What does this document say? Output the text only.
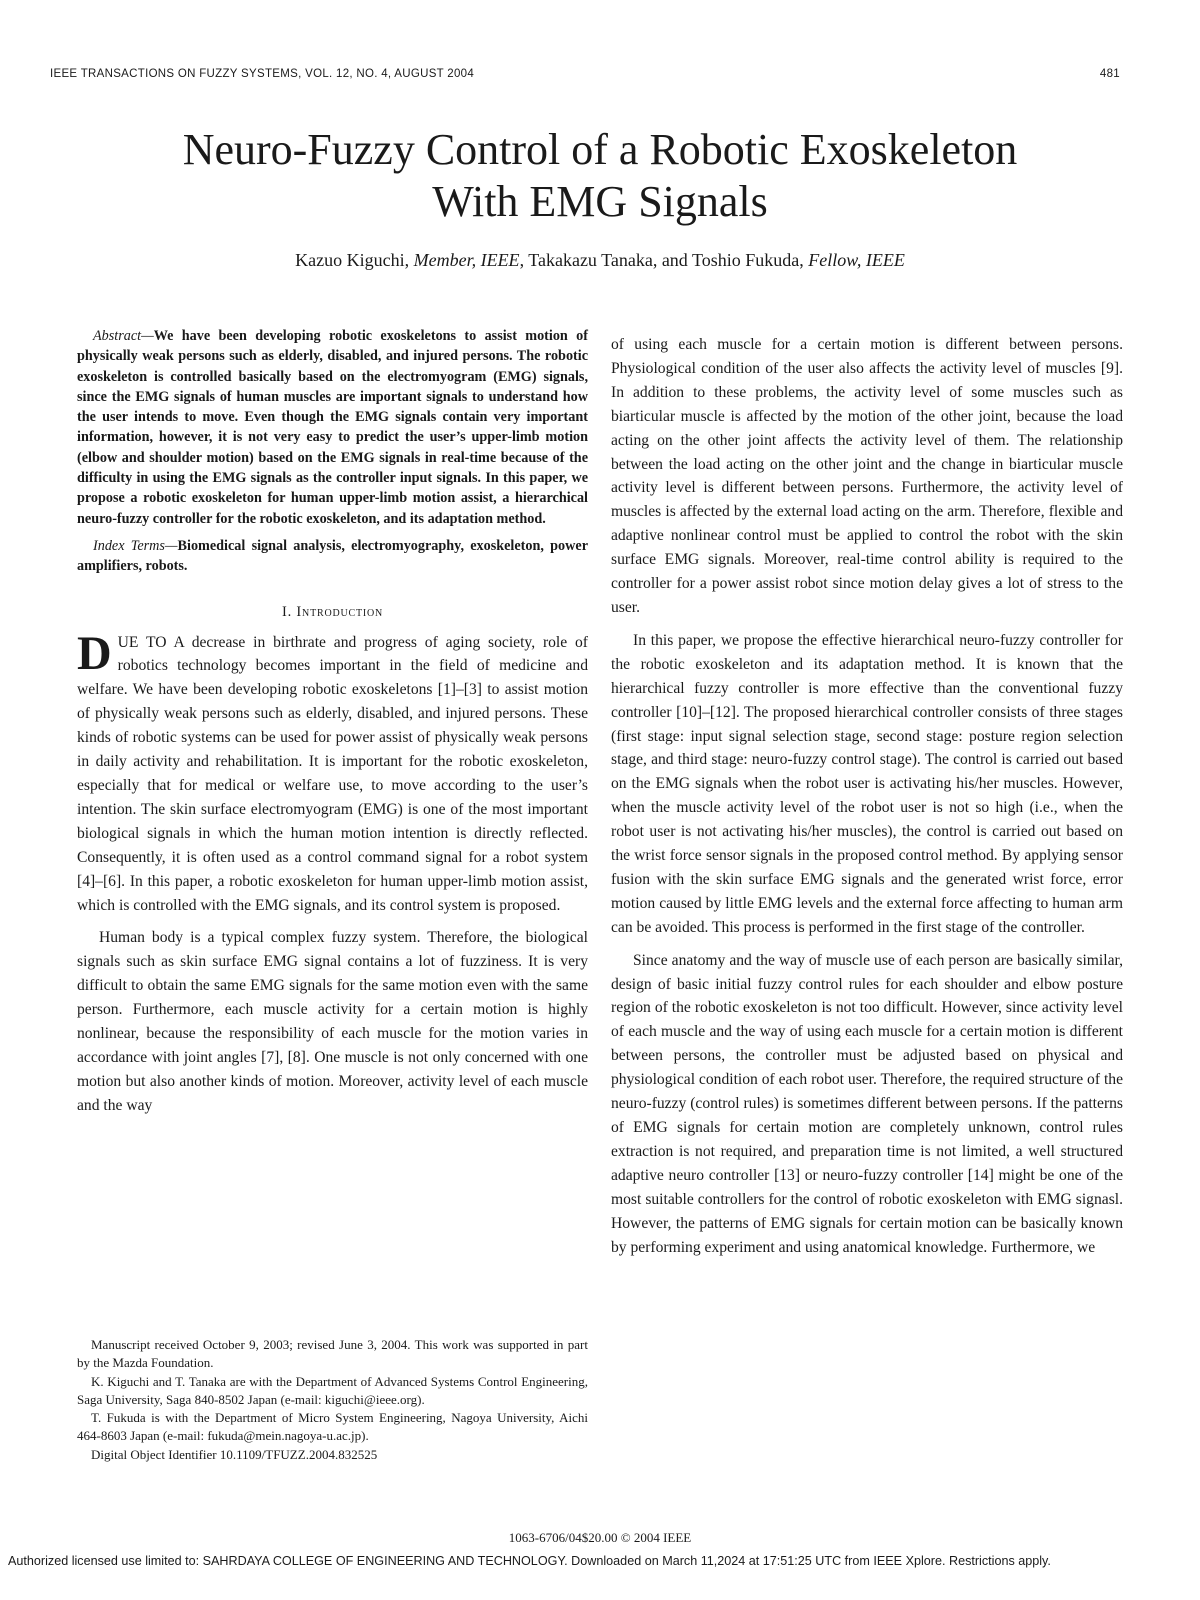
IEEE TRANSACTIONS ON FUZZY SYSTEMS, VOL. 12, NO. 4, AUGUST 2004	481
Neuro-Fuzzy Control of a Robotic Exoskeleton
With EMG Signals
Kazuo Kiguchi, Member, IEEE, Takakazu Tanaka, and Toshio Fukuda, Fellow, IEEE

Abstract—We have been developing robotic exoskeletons to assist motion of physically weak persons such as elderly, disabled, and injured persons. The robotic exoskeleton is controlled basically based on the electromyogram (EMG) signals, since the EMG signals of human muscles are important signals to understand how the user intends to move. Even though the EMG signals contain very important information, however, it is not very easy to predict the user’s upper-limb motion (elbow and shoulder motion) based on the EMG signals in real-time because of the difficulty in using the EMG signals as the controller input signals. In this paper, we propose a robotic exoskeleton for human upper-limb motion assist, a hierarchical neuro-fuzzy controller for the robotic exoskeleton, and its adaptation method.

Index Terms—Biomedical signal analysis, electromyography, exoskeleton, power amplifiers, robots.

I. Introduction

DUE TO A decrease in birthrate and progress of aging society, role of robotics technology becomes important in the field of medicine and welfare. We have been developing robotic exoskeletons [1]–[3] to assist motion of physically weak persons such as elderly, disabled, and injured persons. These kinds of robotic systems can be used for power assist of physically weak persons in daily activity and rehabilitation. It is important for the robotic exoskeleton, especially that for medical or welfare use, to move according to the user’s intention. The skin surface electromyogram (EMG) is one of the most important biological signals in which the human motion intention is directly reflected. Consequently, it is often used as a control command signal for a robot system [4]–[6]. In this paper, a robotic exoskeleton for human upper-limb motion assist, which is controlled with the EMG signals, and its control system is proposed.

Human body is a typical complex fuzzy system. Therefore, the biological signals such as skin surface EMG signal contains a lot of fuzziness. It is very difficult to obtain the same EMG signals for the same motion even with the same person. Furthermore, each muscle activity for a certain motion is highly nonlinear, because the responsibility of each muscle for the motion varies in accordance with joint angles [7], [8]. One muscle is not only concerned with one motion but also another kinds of motion. Moreover, activity level of each muscle and the way

Manuscript received October 9, 2003; revised June 3, 2004. This work was supported in part by the Mazda Foundation.

K. Kiguchi and T. Tanaka are with the Department of Advanced Systems Control Engineering, Saga University, Saga 840-8502 Japan (e-mail: kiguchi@ieee.org).

T. Fukuda is with the Department of Micro System Engineering, Nagoya University, Aichi 464-8603 Japan (e-mail: fukuda@mein.nagoya-u.ac.jp).

Digital Object Identifier 10.1109/TFUZZ.2004.832525

of using each muscle for a certain motion is different between persons. Physiological condition of the user also affects the activity level of muscles [9]. In addition to these problems, the activity level of some muscles such as biarticular muscle is affected by the motion of the other joint, because the load acting on the other joint affects the activity level of them. The relationship between the load acting on the other joint and the change in biarticular muscle activity level is different between persons. Furthermore, the activity level of muscles is affected by the external load acting on the arm. Therefore, flexible and adaptive nonlinear control must be applied to control the robot with the skin surface EMG signals. Moreover, real-time control ability is required to the controller for a power assist robot since motion delay gives a lot of stress to the user.

In this paper, we propose the effective hierarchical neuro-fuzzy controller for the robotic exoskeleton and its adaptation method. It is known that the hierarchical fuzzy controller is more effective than the conventional fuzzy controller [10]–[12]. The proposed hierarchical controller consists of three stages (first stage: input signal selection stage, second stage: posture region selection stage, and third stage: neuro-fuzzy control stage). The control is carried out based on the EMG signals when the robot user is activating his/her muscles. However, when the muscle activity level of the robot user is not so high (i.e., when the robot user is not activating his/her muscles), the control is carried out based on the wrist force sensor signals in the proposed control method. By applying sensor fusion with the skin surface EMG signals and the generated wrist force, error motion caused by little EMG levels and the external force affecting to human arm can be avoided. This process is performed in the first stage of the controller.

Since anatomy and the way of muscle use of each person are basically similar, design of basic initial fuzzy control rules for each shoulder and elbow posture region of the robotic exoskeleton is not too difficult. However, since activity level of each muscle and the way of using each muscle for a certain motion is different between persons, the controller must be adjusted based on physical and physiological condition of each robot user. Therefore, the required structure of the neuro-fuzzy (control rules) is sometimes different between persons. If the patterns of EMG signals for certain motion are completely unknown, control rules extraction is not required, and preparation time is not limited, a well structured adaptive neuro controller [13] or neuro-fuzzy controller [14] might be one of the most suitable controllers for the control of robotic exoskeleton with EMG signasl. However, the patterns of EMG signals for certain motion can be basically known by performing experiment and using anatomical knowledge. Furthermore, we

1063-6706/04$20.00 © 2004 IEEE
Authorized licensed use limited to: SAHRDAYA COLLEGE OF ENGINEERING AND TECHNOLOGY. Downloaded on March 11,2024 at 17:51:25 UTC from IEEE Xplore. Restrictions apply.
